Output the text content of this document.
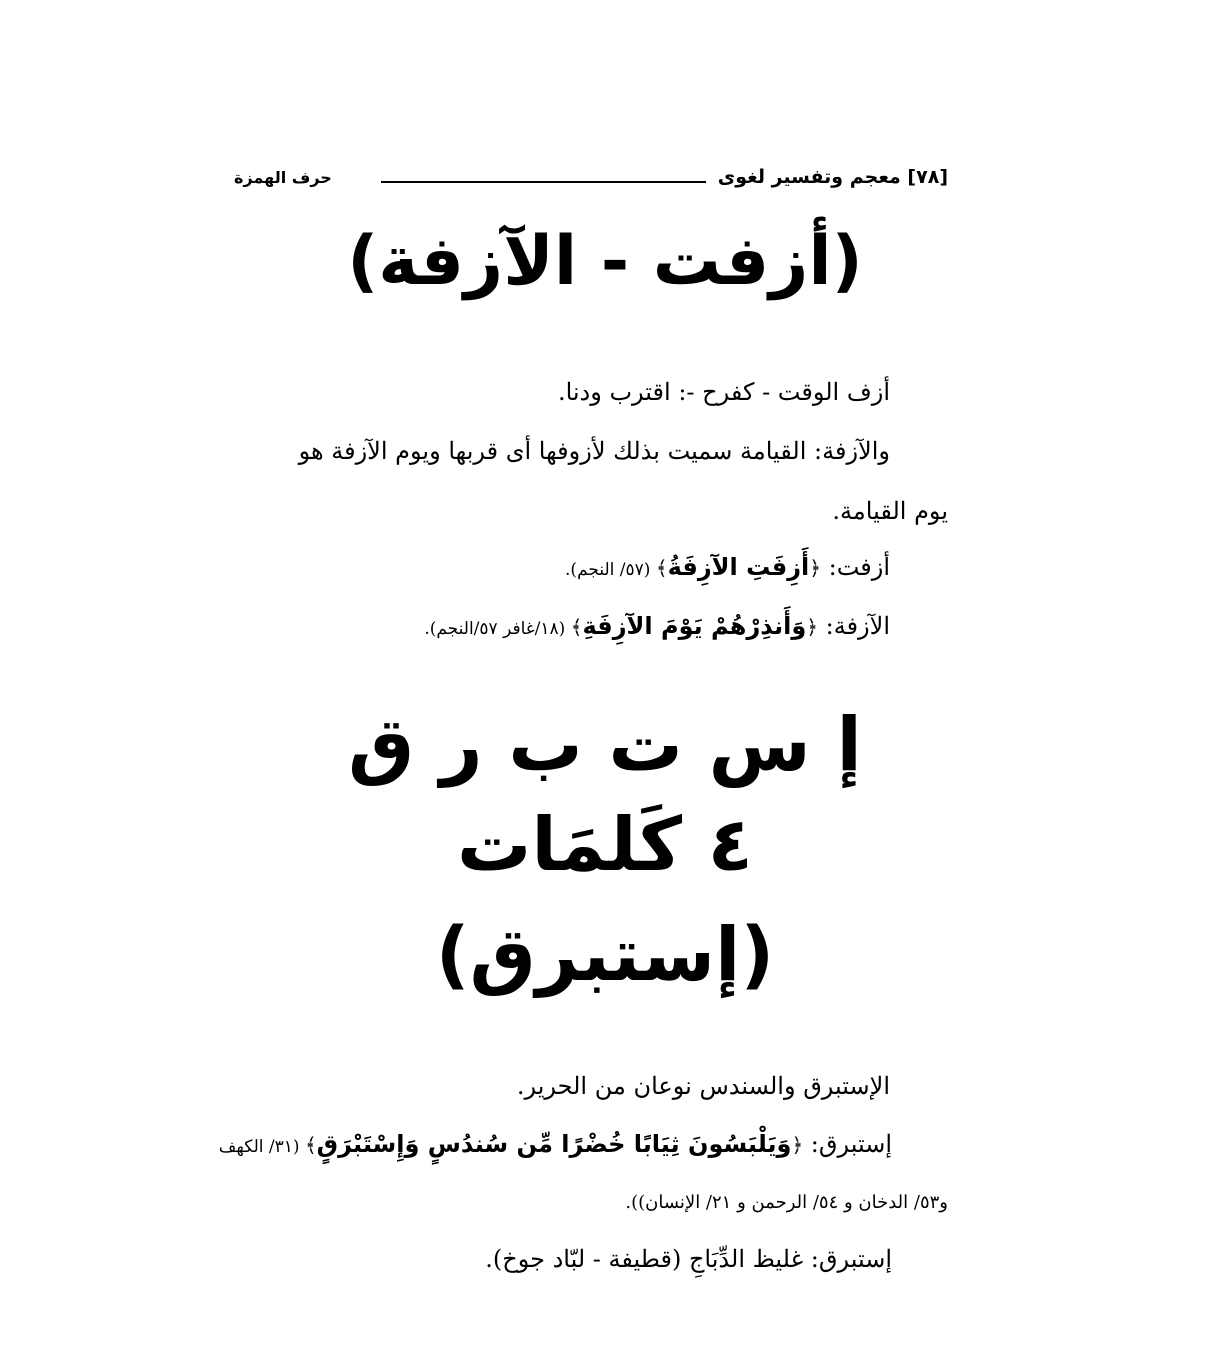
[٧٨] معجم وتفسير لغوى
حرف الهمزة
(أزفت - الآزفة)
أزف الوقت - كفرح -: اقترب ودنا.
والآزفة: القيامة سميت بذلك لأزوفها أى قربها ويوم الآزفة هو
يوم القيامة.
أزفت: ﴿أَزِفَتِ الآزِفَةُ﴾ (٥٧/ النجم).
الآزفة: ﴿وَأَنذِرْهُمْ يَوْمَ الآزِفَةِ﴾ (١٨/غافر ٥٧/النجم).
إ س ت ب ر ق
٤ كَلمَات
(إستبرق)
الإستبرق والسندس نوعان من الحرير.
إستبرق: ﴿وَيَلْبَسُونَ ثِيَابًا خُضْرًا مِّن سُندُسٍ وَإِسْتَبْرَقٍ﴾ (٣١/ الكهف
و٥٣/ الدخان و ٥٤/ الرحمن و ٢١/ الإنسان)).
إستبرق: غليظ الدِّبَاجِ (قطيفة - لبّاد جوخ).
